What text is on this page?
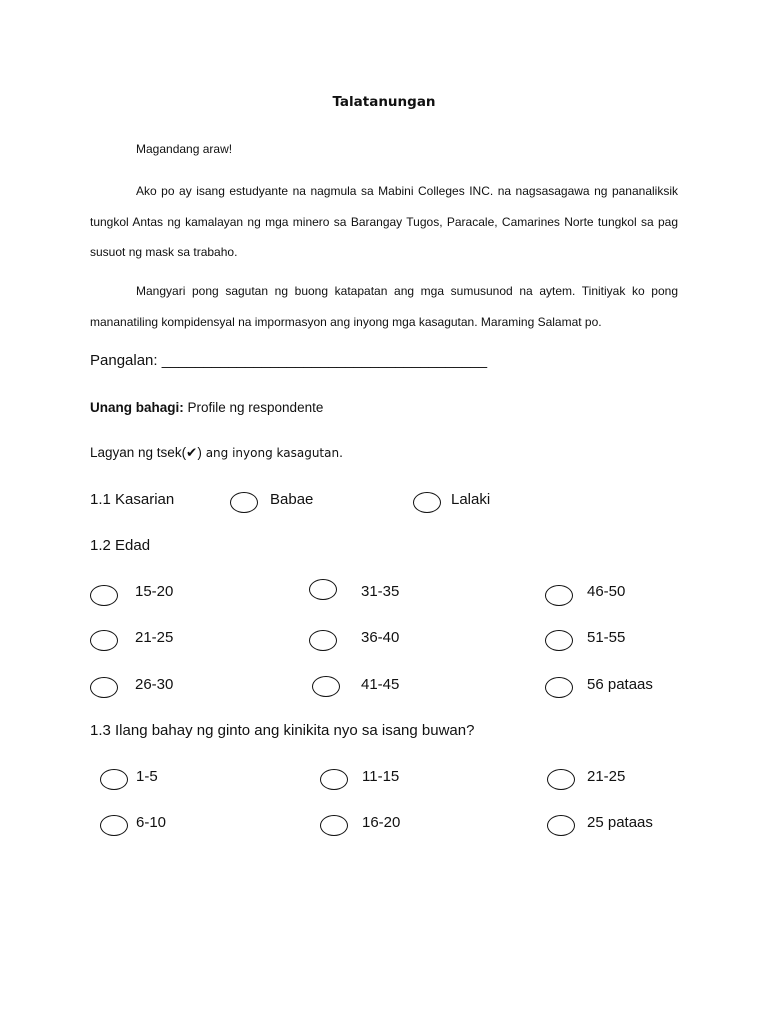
Talatanungan
Magandang araw!
Ako po ay isang estudyante na nagmula sa Mabini Colleges INC. na nagsasagawa ng pananaliksik tungkol Antas ng kamalayan ng mga minero sa Barangay Tugos, Paracale, Camarines Norte tungkol sa pag susuot ng mask sa trabaho.
Mangyari pong sagutan ng buong katapatan ang mga sumusunod na aytem. Tinitiyak ko pong mananatiling kompidensyal na impormasyon ang inyong mga kasagutan. Maraming Salamat po.
Pangalan: _______________________________________
Unang bahagi: Profile ng respondente
Lagyan ng tsek(✔) ang inyong kasagutan.
1.1 Kasarian	Babae	Lalaki
1.2 Edad
15-20	31-35	46-50
21-25	36-40	51-55
26-30	41-45	56 pataas
1.3 Ilang bahay ng ginto ang kinikita nyo sa isang buwan?
1-5	11-15	21-25
6-10	16-20	25 pataas
